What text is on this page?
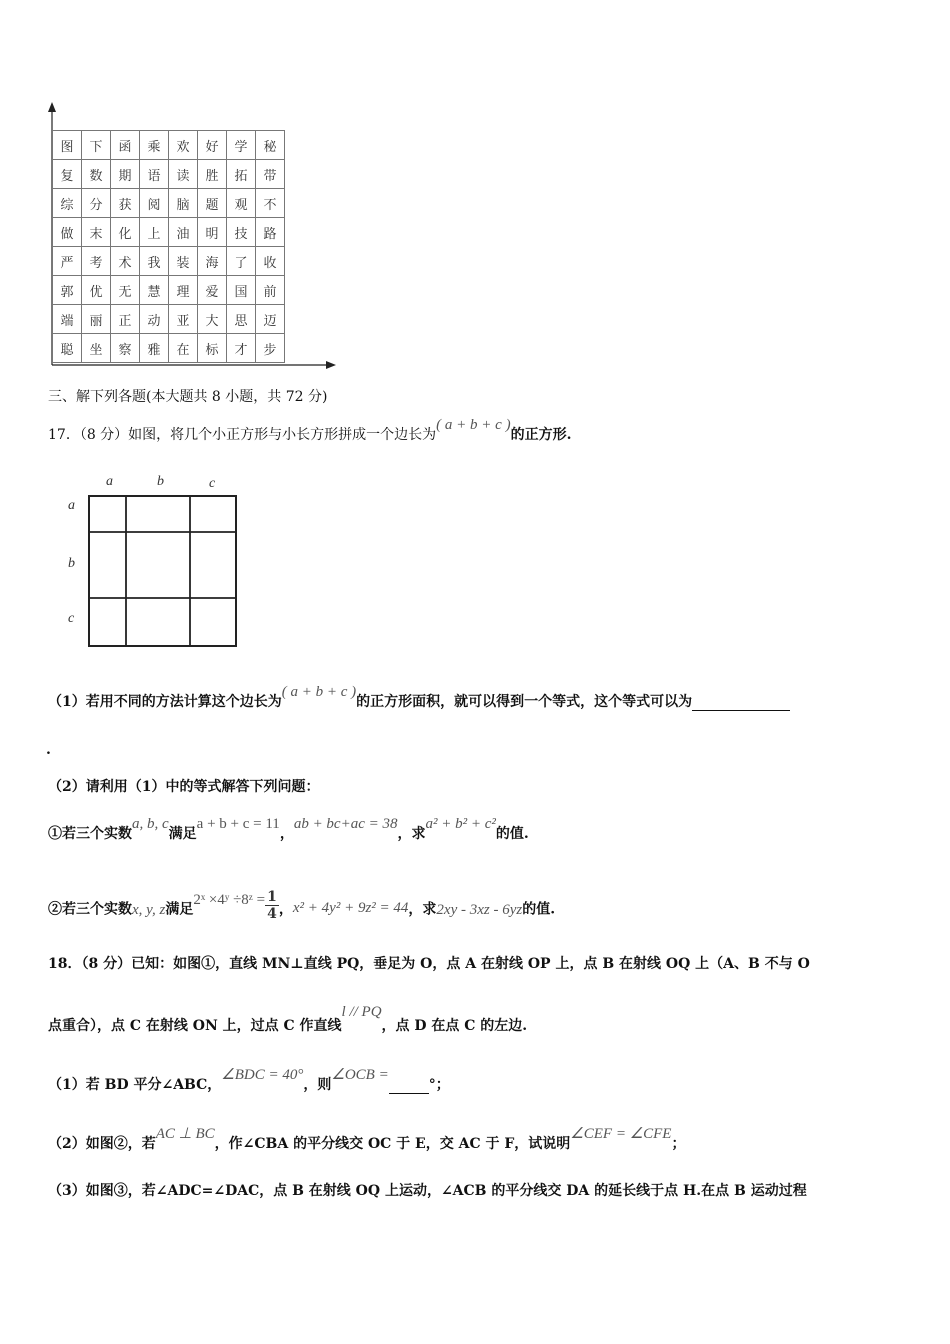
图	下	函	乘	欢	好	学	秘
复	数	期	语	读	胜	拓	带
综	分	获	阅	脑	题	观	不
做	末	化	上	油	明	技	路
严	考	术	我	装	海	了	收
郭	优	无	慧	理	爱	国	前
端	丽	正	动	亚	大	思	迈
聪	坐	察	雅	在	标	才	步
三、解下列各题(本大题共 8 小题，共 72 分)
17．（8 分）如图，将几个小正方形与小长方形拼成一个边长为( a + b + c )的正方形.
a	b	c
a
b
c
（1）若用不同的方法计算这个边长为( a + b + c )的正方形面积，就可以得到一个等式，这个等式可以为
.
（2）请利用（1）中的等式解答下列问题：
①若三个实数a, b, c满足a + b + c = 11，ab + bc+ac = 38，求a² + b² + c²的值.
②若三个实数x, y, z满足2ˣ ×4ʸ ÷8ᶻ = $\frac{1}{4}$ ，x² + 4y² + 9z² = 44，求2xy - 3xz - 6yz的值.
18．（8 分）已知：如图①，直线 MN⊥直线 PQ，垂足为 O，点 A 在射线 OP 上，点 B 在射线 OQ 上（A、B 不与 O
点重合），点 C 在射线 ON 上，过点 C 作直线l // PQ，点 D 在点 C 的左边.
（1）若 BD 平分∠ABC，∠BDC = 40°，则∠OCB =°；
（2）如图②，若AC ⊥ BC，作∠CBA 的平分线交 OC 于 E，交 AC 于 F，试说明∠CEF = ∠CFE；
（3）如图③，若∠ADC=∠DAC，点 B 在射线 OQ 上运动，∠ACB 的平分线交 DA 的延长线于点 H.在点 B 运动过程
